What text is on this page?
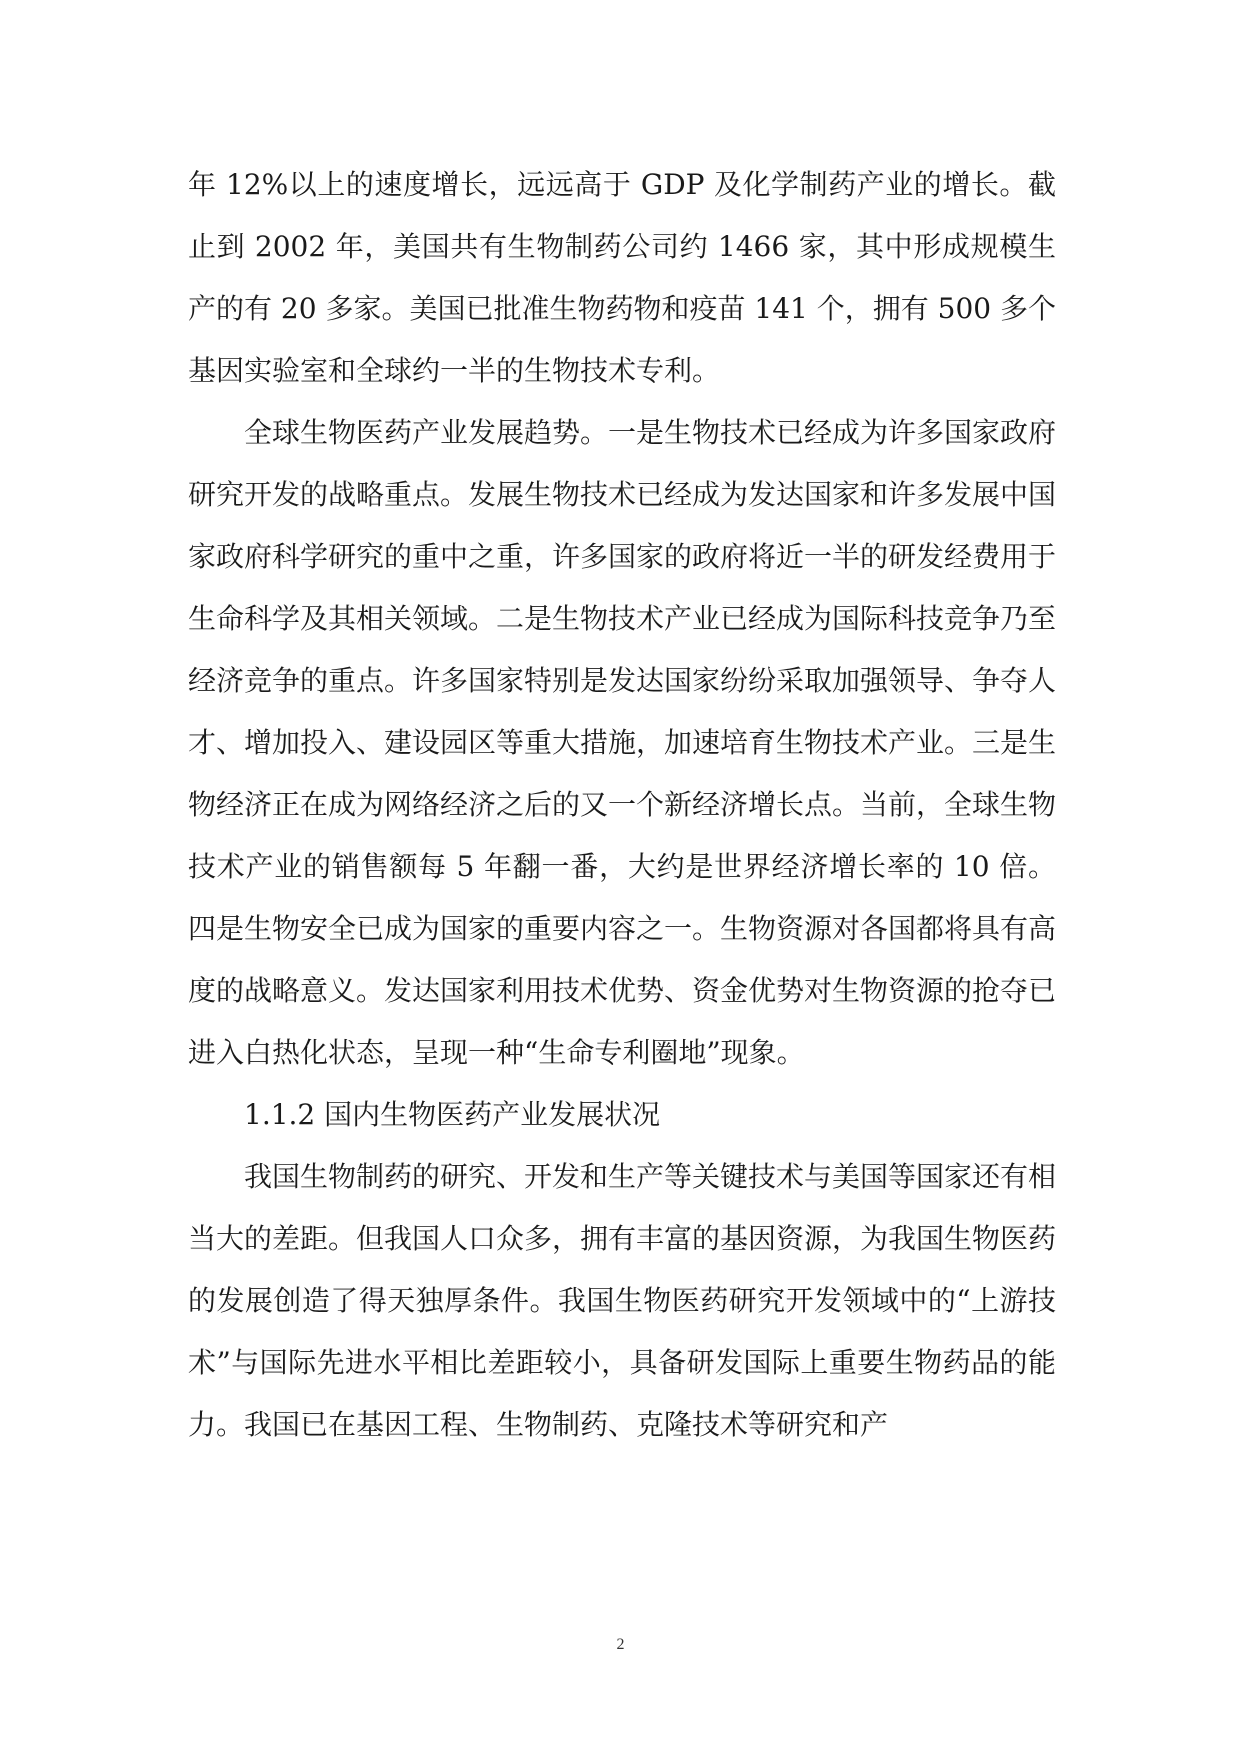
年 12%以上的速度增长，远远高于 GDP 及化学制药产业的增长。截止到 2002 年，美国共有生物制药公司约 1466 家，其中形成规模生产的有 20 多家。美国已批准生物药物和疫苗 141 个，拥有 500 多个基因实验室和全球约一半的生物技术专利。

全球生物医药产业发展趋势。一是生物技术已经成为许多国家政府研究开发的战略重点。发展生物技术已经成为发达国家和许多发展中国家政府科学研究的重中之重，许多国家的政府将近一半的研发经费用于生命科学及其相关领域。二是生物技术产业已经成为国际科技竞争乃至经济竞争的重点。许多国家特别是发达国家纷纷采取加强领导、争夺人才、增加投入、建设园区等重大措施，加速培育生物技术产业。三是生物经济正在成为网络经济之后的又一个新经济增长点。当前，全球生物技术产业的销售额每 5 年翻一番，大约是世界经济增长率的 10 倍。四是生物安全已成为国家的重要内容之一。生物资源对各国都将具有高度的战略意义。发达国家利用技术优势、资金优势对生物资源的抢夺已进入白热化状态，呈现一种“生命专利圈地”现象。

1.1.2 国内生物医药产业发展状况

我国生物制药的研究、开发和生产等关键技术与美国等国家还有相当大的差距。但我国人口众多，拥有丰富的基因资源，为我国生物医药的发展创造了得天独厚条件。我国生物医药研究开发领域中的“上游技术”与国际先进水平相比差距较小，具备研发国际上重要生物药品的能力。我国已在基因工程、生物制药、克隆技术等研究和产

2
